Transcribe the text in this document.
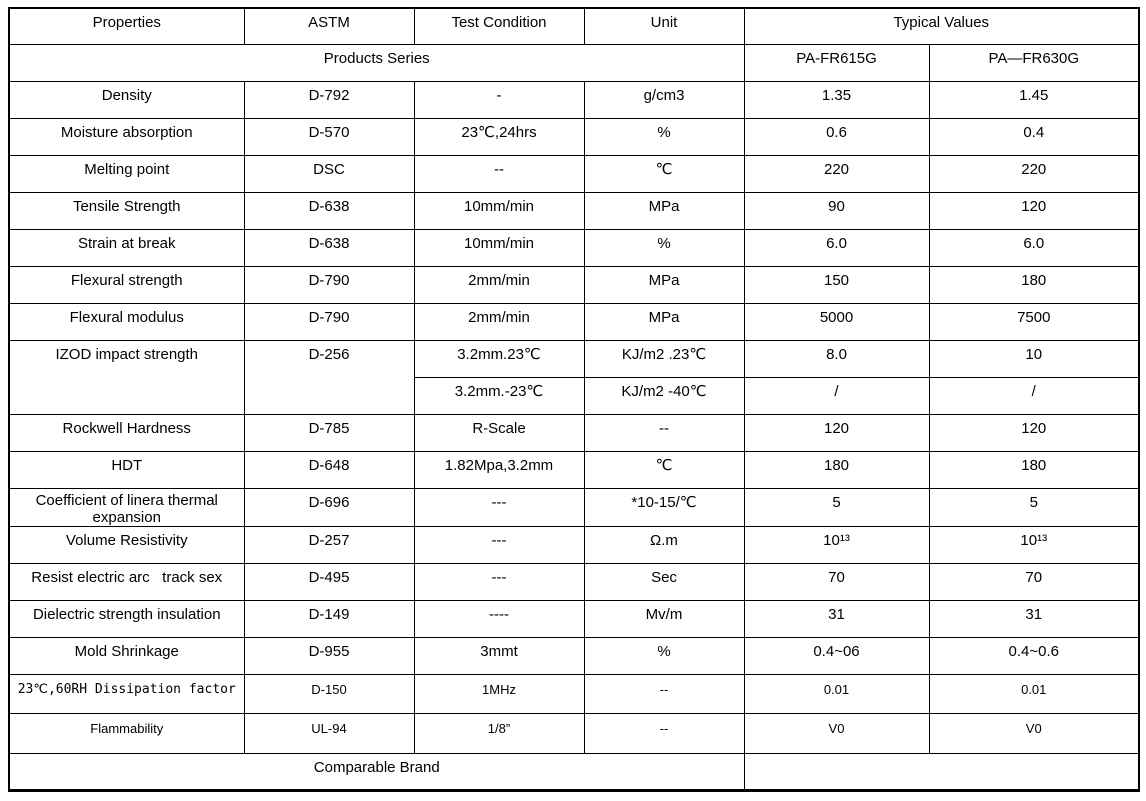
Properties	ASTM	Test Condition	Unit	Typical Values	
Products Series				PA-FR615G	PA—FR630G
Density	D-792	-	g/cm3	1.35	1.45
Moisture absorption	D-570	23℃,24hrs	%	0.6	0.4
Melting point	DSC	--	℃	220	220
Tensile Strength	D-638	10mm/min	MPa	90	120
Strain at break	D-638	10mm/min	%	6.0	6.0
Flexural strength	D-790	2mm/min	MPa	150	180
Flexural modulus	D-790	2mm/min	MPa	5000	7500
IZOD impact strength	D-256	3.2mm.23℃	KJ/m2 .23℃	8.0	10
		3.2mm.-23℃	KJ/m2 -40℃	/	/
Rockwell Hardness	D-785	R-Scale	--	120	120
HDT	D-648	1.82Mpa,3.2mm	℃	180	180
Coefficient of linera thermal expansion	D-696	---	*10-15/℃	5	5
Volume Resistivity	D-257	---	Ω.m	10¹³	10¹³
Resist electric arc   track sex	D-495	---	Sec	70	70
Dielectric strength insulation	D-149	----	Mv/m	31	31
Mold Shrinkage	D-955	3mmt	%	0.4~06	0.4~0.6
23℃,60RH Dissipation factor	D-150	1MHz	--	0.01	0.01
Flammability	UL-94	1/8”	--	V0	V0
Comparable Brand					
